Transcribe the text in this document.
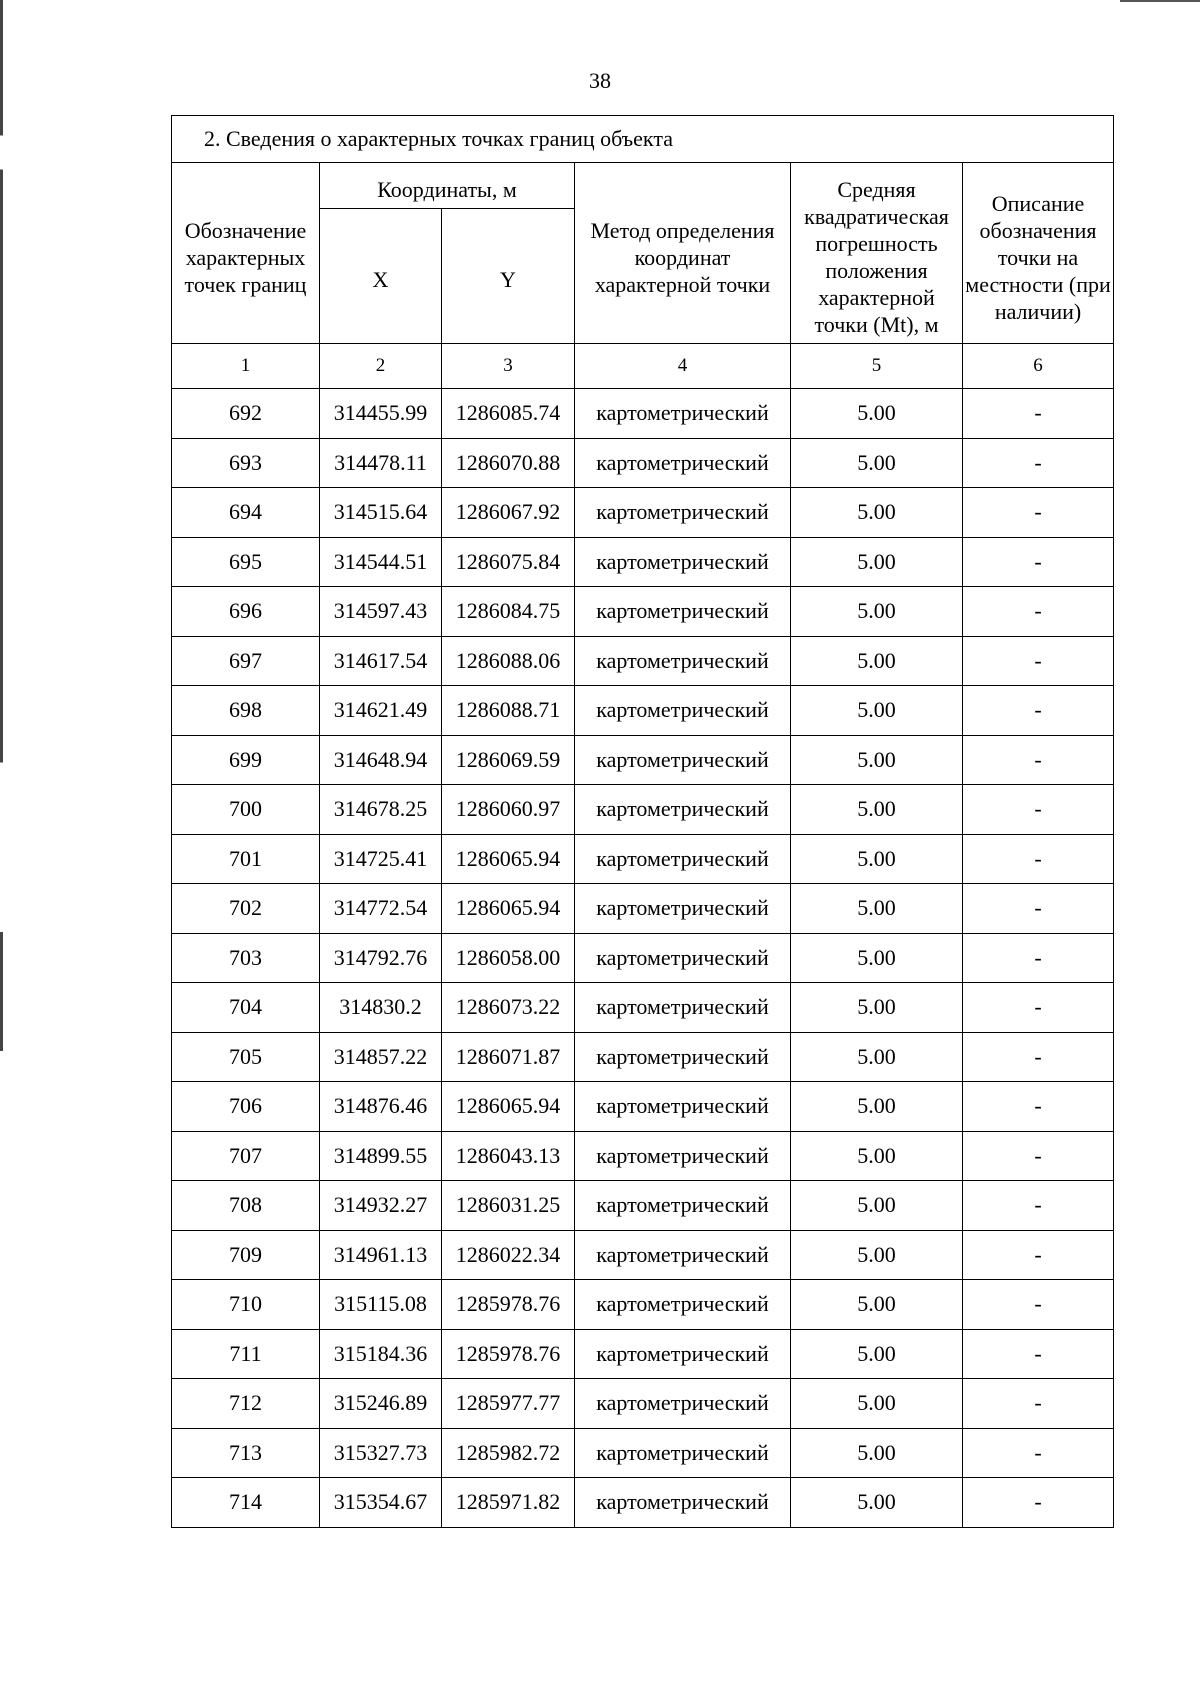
38
2. Сведения о характерных точках границ объекта					
Обозначение характерных точек границ	Координаты, м		Метод определения координат характерной точки	Средняя квадратическая погрешность положения характерной точки (Mt), м	Описание обозначения точки на местности (при наличии)
	X	Y			
1	2	3	4	5	6
692	314455.99	1286085.74	картометрический	5.00	-
693	314478.11	1286070.88	картометрический	5.00	-
694	314515.64	1286067.92	картометрический	5.00	-
695	314544.51	1286075.84	картометрический	5.00	-
696	314597.43	1286084.75	картометрический	5.00	-
697	314617.54	1286088.06	картометрический	5.00	-
698	314621.49	1286088.71	картометрический	5.00	-
699	314648.94	1286069.59	картометрический	5.00	-
700	314678.25	1286060.97	картометрический	5.00	-
701	314725.41	1286065.94	картометрический	5.00	-
702	314772.54	1286065.94	картометрический	5.00	-
703	314792.76	1286058.00	картометрический	5.00	-
704	314830.2	1286073.22	картометрический	5.00	-
705	314857.22	1286071.87	картометрический	5.00	-
706	314876.46	1286065.94	картометрический	5.00	-
707	314899.55	1286043.13	картометрический	5.00	-
708	314932.27	1286031.25	картометрический	5.00	-
709	314961.13	1286022.34	картометрический	5.00	-
710	315115.08	1285978.76	картометрический	5.00	-
711	315184.36	1285978.76	картометрический	5.00	-
712	315246.89	1285977.77	картометрический	5.00	-
713	315327.73	1285982.72	картометрический	5.00	-
714	315354.67	1285971.82	картометрический	5.00	-
